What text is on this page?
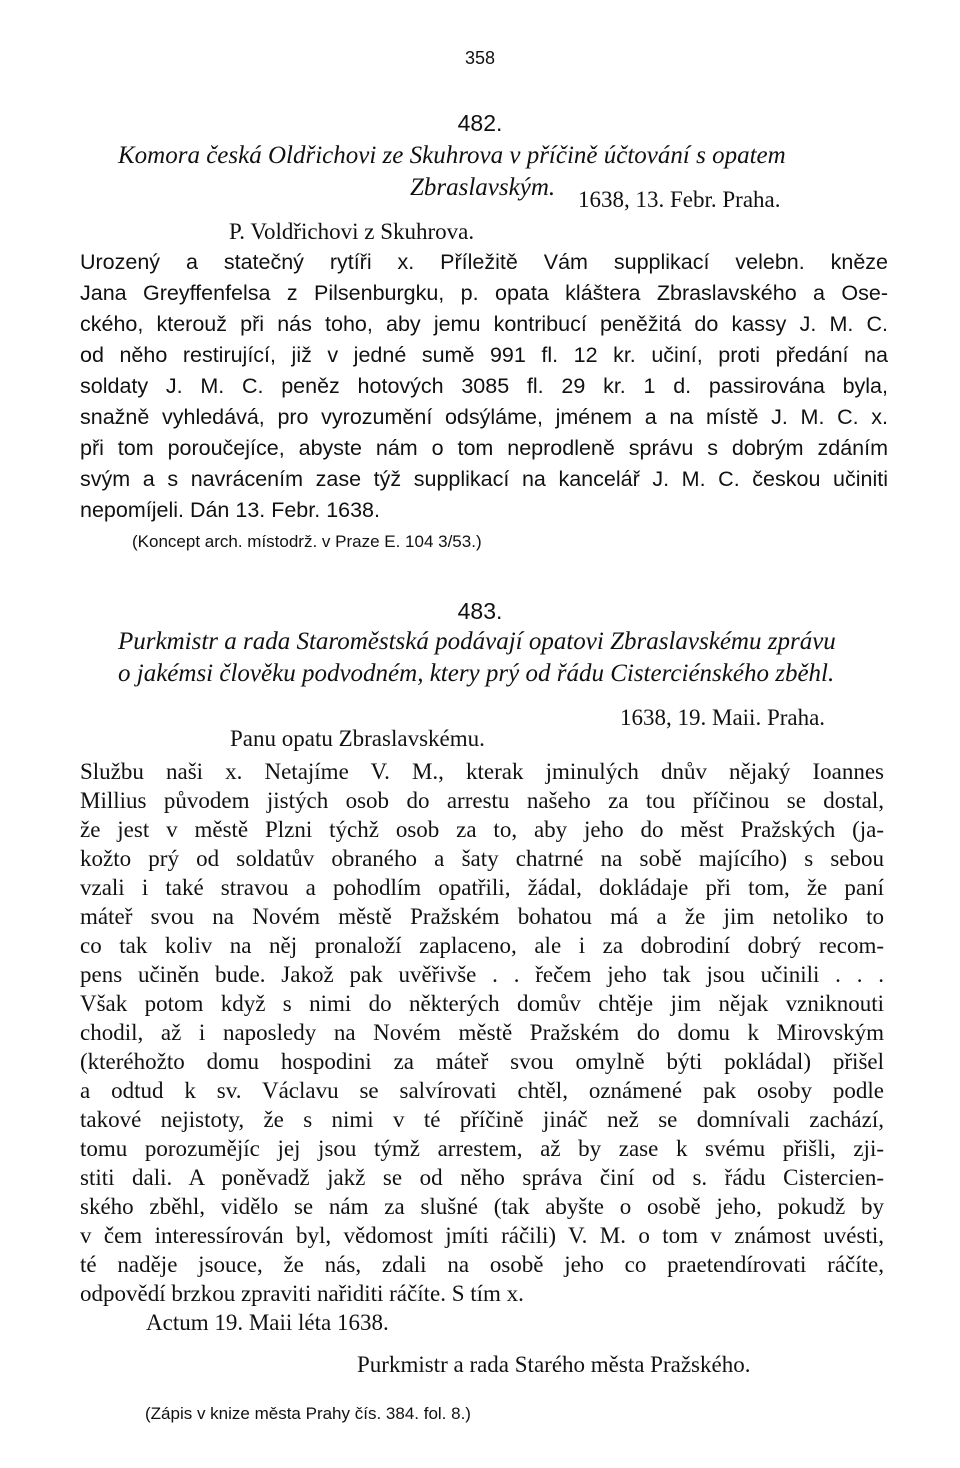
358
482.
Komora česká Oldřichovi ze Skuhrova v příčině účtování s opatem
Zbraslavským. 1638, 13. Febr. Praha.
P. Voldřichovi z Skuhrova.
Urozený a statečný rytíři x. Příležitě Vám supplikací velebn. kněze
Jana Greyffenfelsa z Pilsenburgku, p. opata kláštera Zbraslavského a Ose-
ckého, kterouž při nás toho, aby jemu kontribucí peněžitá do kassy J. M. C.
od něho restirující, již v jedné sumě 991 fl. 12 kr. učiní, proti předání na
soldaty J. M. C. peněz hotových 3085 fl. 29 kr. 1 d. passirována byla,
snažně vyhledává, pro vyrozumění odsýláme, jménem a na místě J. M. C. x.
při tom poroučejíce, abyste nám o tom neprodleně správu s dobrým zdáním
svým a s navrácením zase týž supplikací na kancelář J. M. C. českou učiniti
nepomíjeli. Dán 13. Febr. 1638.
(Koncept arch. místodrž. v Praze E. 104 3/53.)
483.
Purkmistr a rada Staroměstská podávají opatovi Zbraslavskému zprávu
o jakémsi člověku podvodném, ktery prý od řádu Cisterciénského zběhl.
1638, 19. Maii. Praha.
Panu opatu Zbraslavskému.
Službu naši x. Netajíme V. M., kterak jminulých dnův nějaký Ioannes
Millius původem jistých osob do arrestu našeho za tou příčinou se dostal,
že jest v městě Plzni týchž osob za to, aby jeho do měst Pražských (ja-
kožto prý od soldatův obraného a šaty chatrné na sobě majícího) s sebou
vzali i také stravou a pohodlím opatřili, žádal, dokládaje při tom, že paní
máteř svou na Novém městě Pražském bohatou má a že jim netoliko to
co tak koliv na něj pronaloží zaplaceno, ale i za dobrodiní dobrý recom-
pens učiněn bude. Jakož pak uvěřivše . . řečem jeho tak jsou učinili . . .
Však potom když s nimi do některých domův chtěje jim nějak vzniknouti
chodil, až i naposledy na Novém městě Pražském do domu k Mirovským
(kteréhožto domu hospodini za máteř svou omylně býti pokládal) přišel
a odtud k sv. Václavu se salvírovati chtěl, oznámené pak osoby podle
takové nejistoty, že s nimi v té příčině jináč než se domnívali zachází,
tomu porozumějíc jej jsou týmž arrestem, až by zase k svému přišli, zji-
stiti dali. A poněvadž jakž se od něho správa činí od s. řádu Cistercien-
ského zběhl, vidělo se nám za slušné (tak abyšte o osobě jeho, pokudž by
v čem interessírován byl, vědomost jmíti ráčili) V. M. o tom v známost uvésti,
té naděje jsouce, že nás, zdali na osobě jeho co praetendírovati ráčíte,
odpovědí brzkou zpraviti nařiditi ráčíte. S tím x.
Actum 19. Maii léta 1638.
Purkmistr a rada Starého města Pražského.
(Zápis v knize města Prahy čís. 384. fol. 8.)
